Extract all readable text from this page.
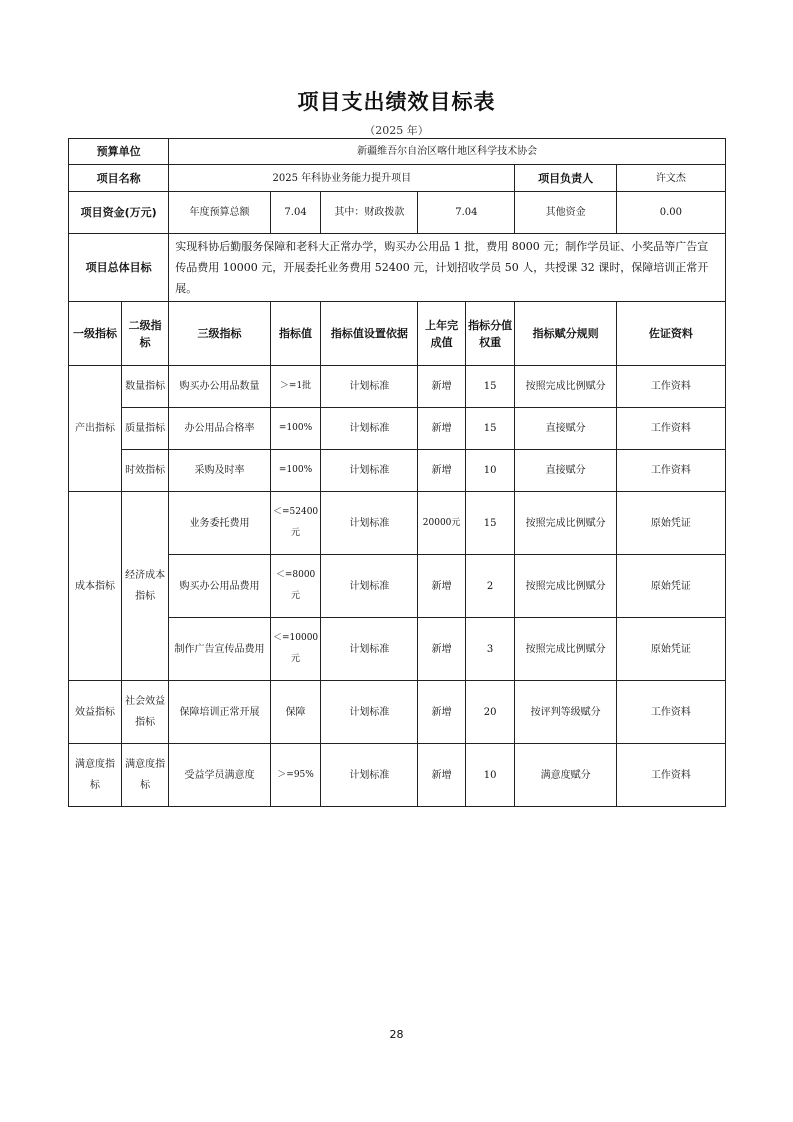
项目支出绩效目标表
（2025 年）
预算单位		新疆维吾尔自治区喀什地区科学技术协会						
项目名称		2025 年科协业务能力提升项目					项目负责人	许文杰
项目资金(万元)		年度预算总额	7.04	其中：财政拨款	7.04		其他资金	0.00
项目总体目标		实现科协后勤服务保障和老科大正常办学，购买办公用品 1 批，费用 8000 元；制作学员证、小奖品等广告宣传品费用 10000 元，开展委托业务费用 52400 元，计划招收学员 50 人，共授课 32 课时，保障培训正常开展。						
一级指标	二级指标	三级指标	指标值	指标值设置依据	上年完成值	指标分值权重	指标赋分规则	佐证资料
产出指标	数量指标	购买办公用品数量	＞=1批	计划标准	新增	15	按照完成比例赋分	工作资料
	质量指标	办公用品合格率	=100%	计划标准	新增	15	直接赋分	工作资料
	时效指标	采购及时率	=100%	计划标准	新增	10	直接赋分	工作资料
成本指标	经济成本指标	业务委托费用	＜=52400元	计划标准	20000元	15	按照完成比例赋分	原始凭证
		购买办公用品费用	＜=8000元	计划标准	新增	2	按照完成比例赋分	原始凭证
		制作广告宣传品费用	＜=10000元	计划标准	新增	3	按照完成比例赋分	原始凭证
效益指标	社会效益指标	保障培训正常开展	保障	计划标准	新增	20	按评判等级赋分	工作资料
满意度指标	满意度指标	受益学员满意度	＞=95%	计划标准	新增	10	满意度赋分	工作资料
28
